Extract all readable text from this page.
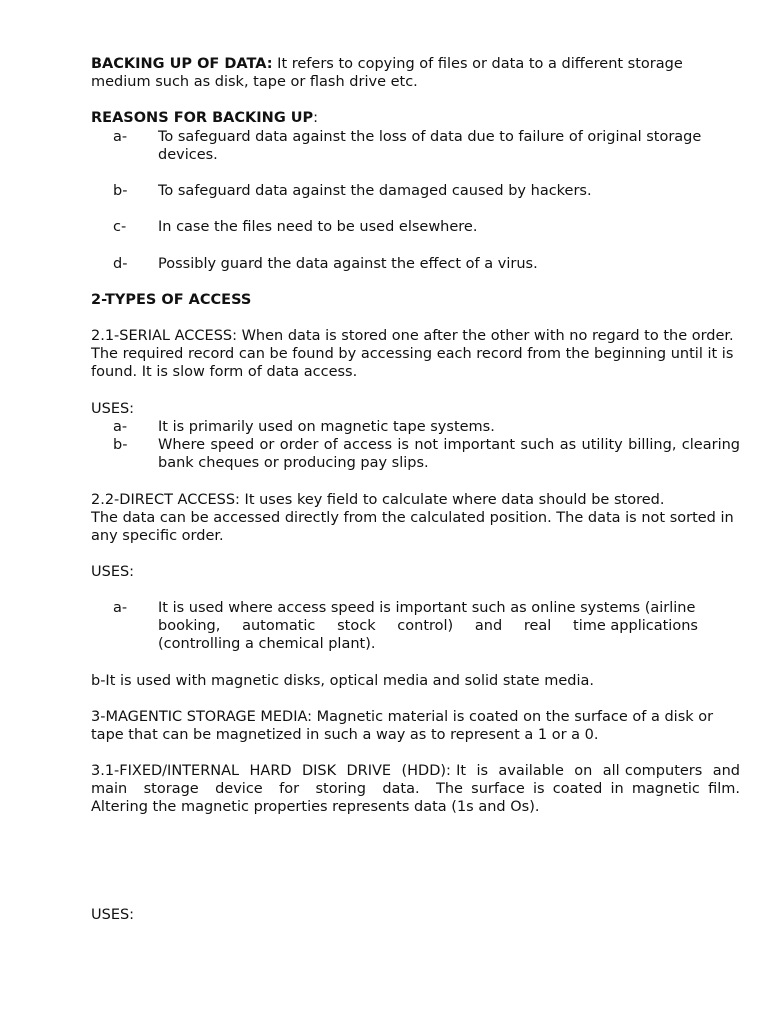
BACKING UP OF DATA: It refers to copying of files or data to a different storage medium such as disk, tape or flash drive etc.
REASONS FOR BACKING UP:
a- To safeguard data against the loss of data due to failure of original storage devices.
b- To safeguard data against the damaged caused by hackers.
c- In case the files need to be used elsewhere.
d- Possibly guard the data against the effect of a virus.
2-TYPES OF ACCESS
2.1-SERIAL ACCESS: When data is stored one after the other with no regard to the order. The required record can be found by accessing each record from the beginning until it is found. It is slow form of data access.
USES:
a- It is primarily used on magnetic tape systems.
b- Where speed or order of access is not important such as utility billing, clearing bank cheques or producing pay slips.
2.2-DIRECT ACCESS: It uses key field to calculate where data should be stored.
The data can be accessed directly from the calculated position. The data is not sorted in any specific order.
USES:
a- It is used where access speed is important such as online systems (airline
booking, automatic stock control) and real time applications
(controlling a chemical plant).
b-It is used with magnetic disks, optical media and solid state media.
3-MAGENTIC STORAGE MEDIA: Magnetic material is coated on the surface of a disk or tape that can be magnetized in such a way as to represent a 1 or a 0.
3.1-FIXED/INTERNAL  HARD  DISK  DRIVE  (HDD): It  is  available  on  all computers  and  main  storage  device  for  storing  data.  The surface is coated in magnetic film.  Altering the magnetic properties represents data (1s and Os).
USES:
